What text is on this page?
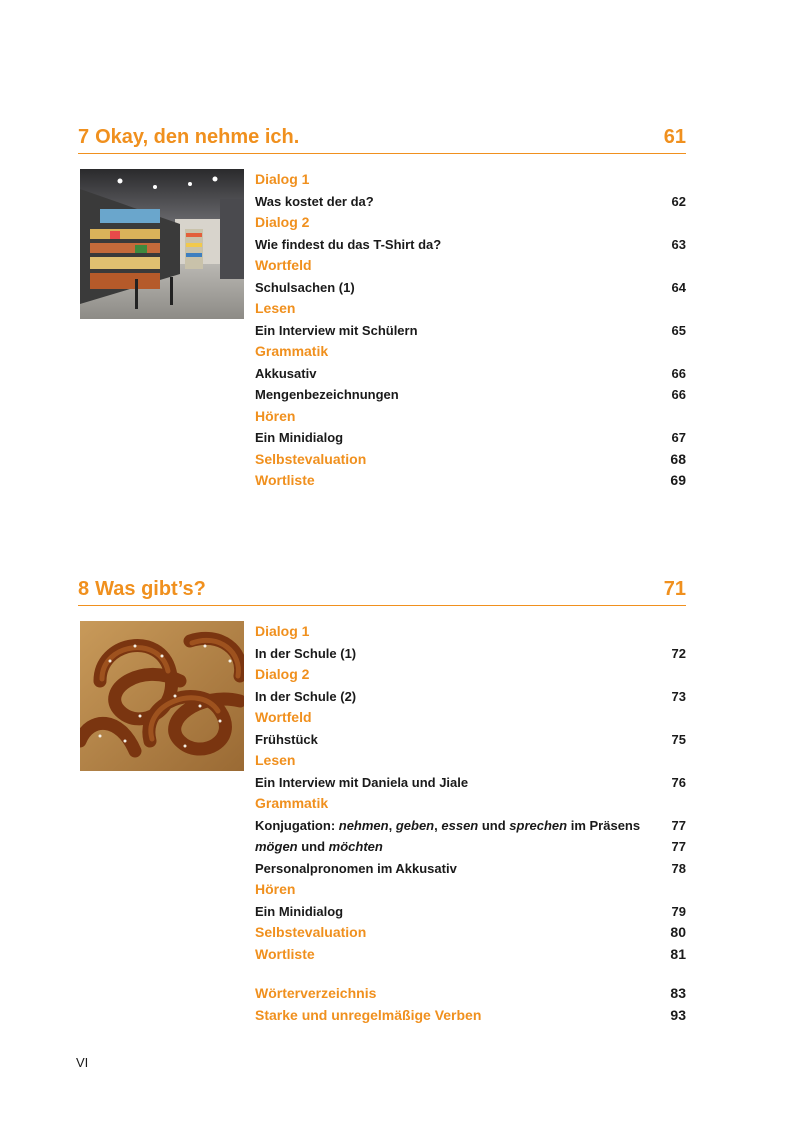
7 Okay, den nehme ich.	61
Dialog 1
Was kostet der da?	62
Dialog 2
Wie findest du das T-Shirt da?	63
Wortfeld
Schulsachen (1)	64
Lesen
Ein Interview mit Schülern	65
Grammatik
Akkusativ	66
Mengenbezeichnungen	66
Hören
Ein Minidialog	67
Selbstevaluation	68
Wortliste	69
8 Was gibt’s?	71
Dialog 1
In der Schule (1)	72
Dialog 2
In der Schule (2)	73
Wortfeld
Frühstück	75
Lesen
Ein Interview mit Daniela und Jiale	76
Grammatik
Konjugation: nehmen, geben, essen und sprechen im Präsens 77
mögen und möchten	77
Personalpronomen im Akkusativ	78
Hören
Ein Minidialog	79
Selbstevaluation	80
Wortliste	81
Wörterverzeichnis	83
Starke und unregelmäßige Verben	93
VI
